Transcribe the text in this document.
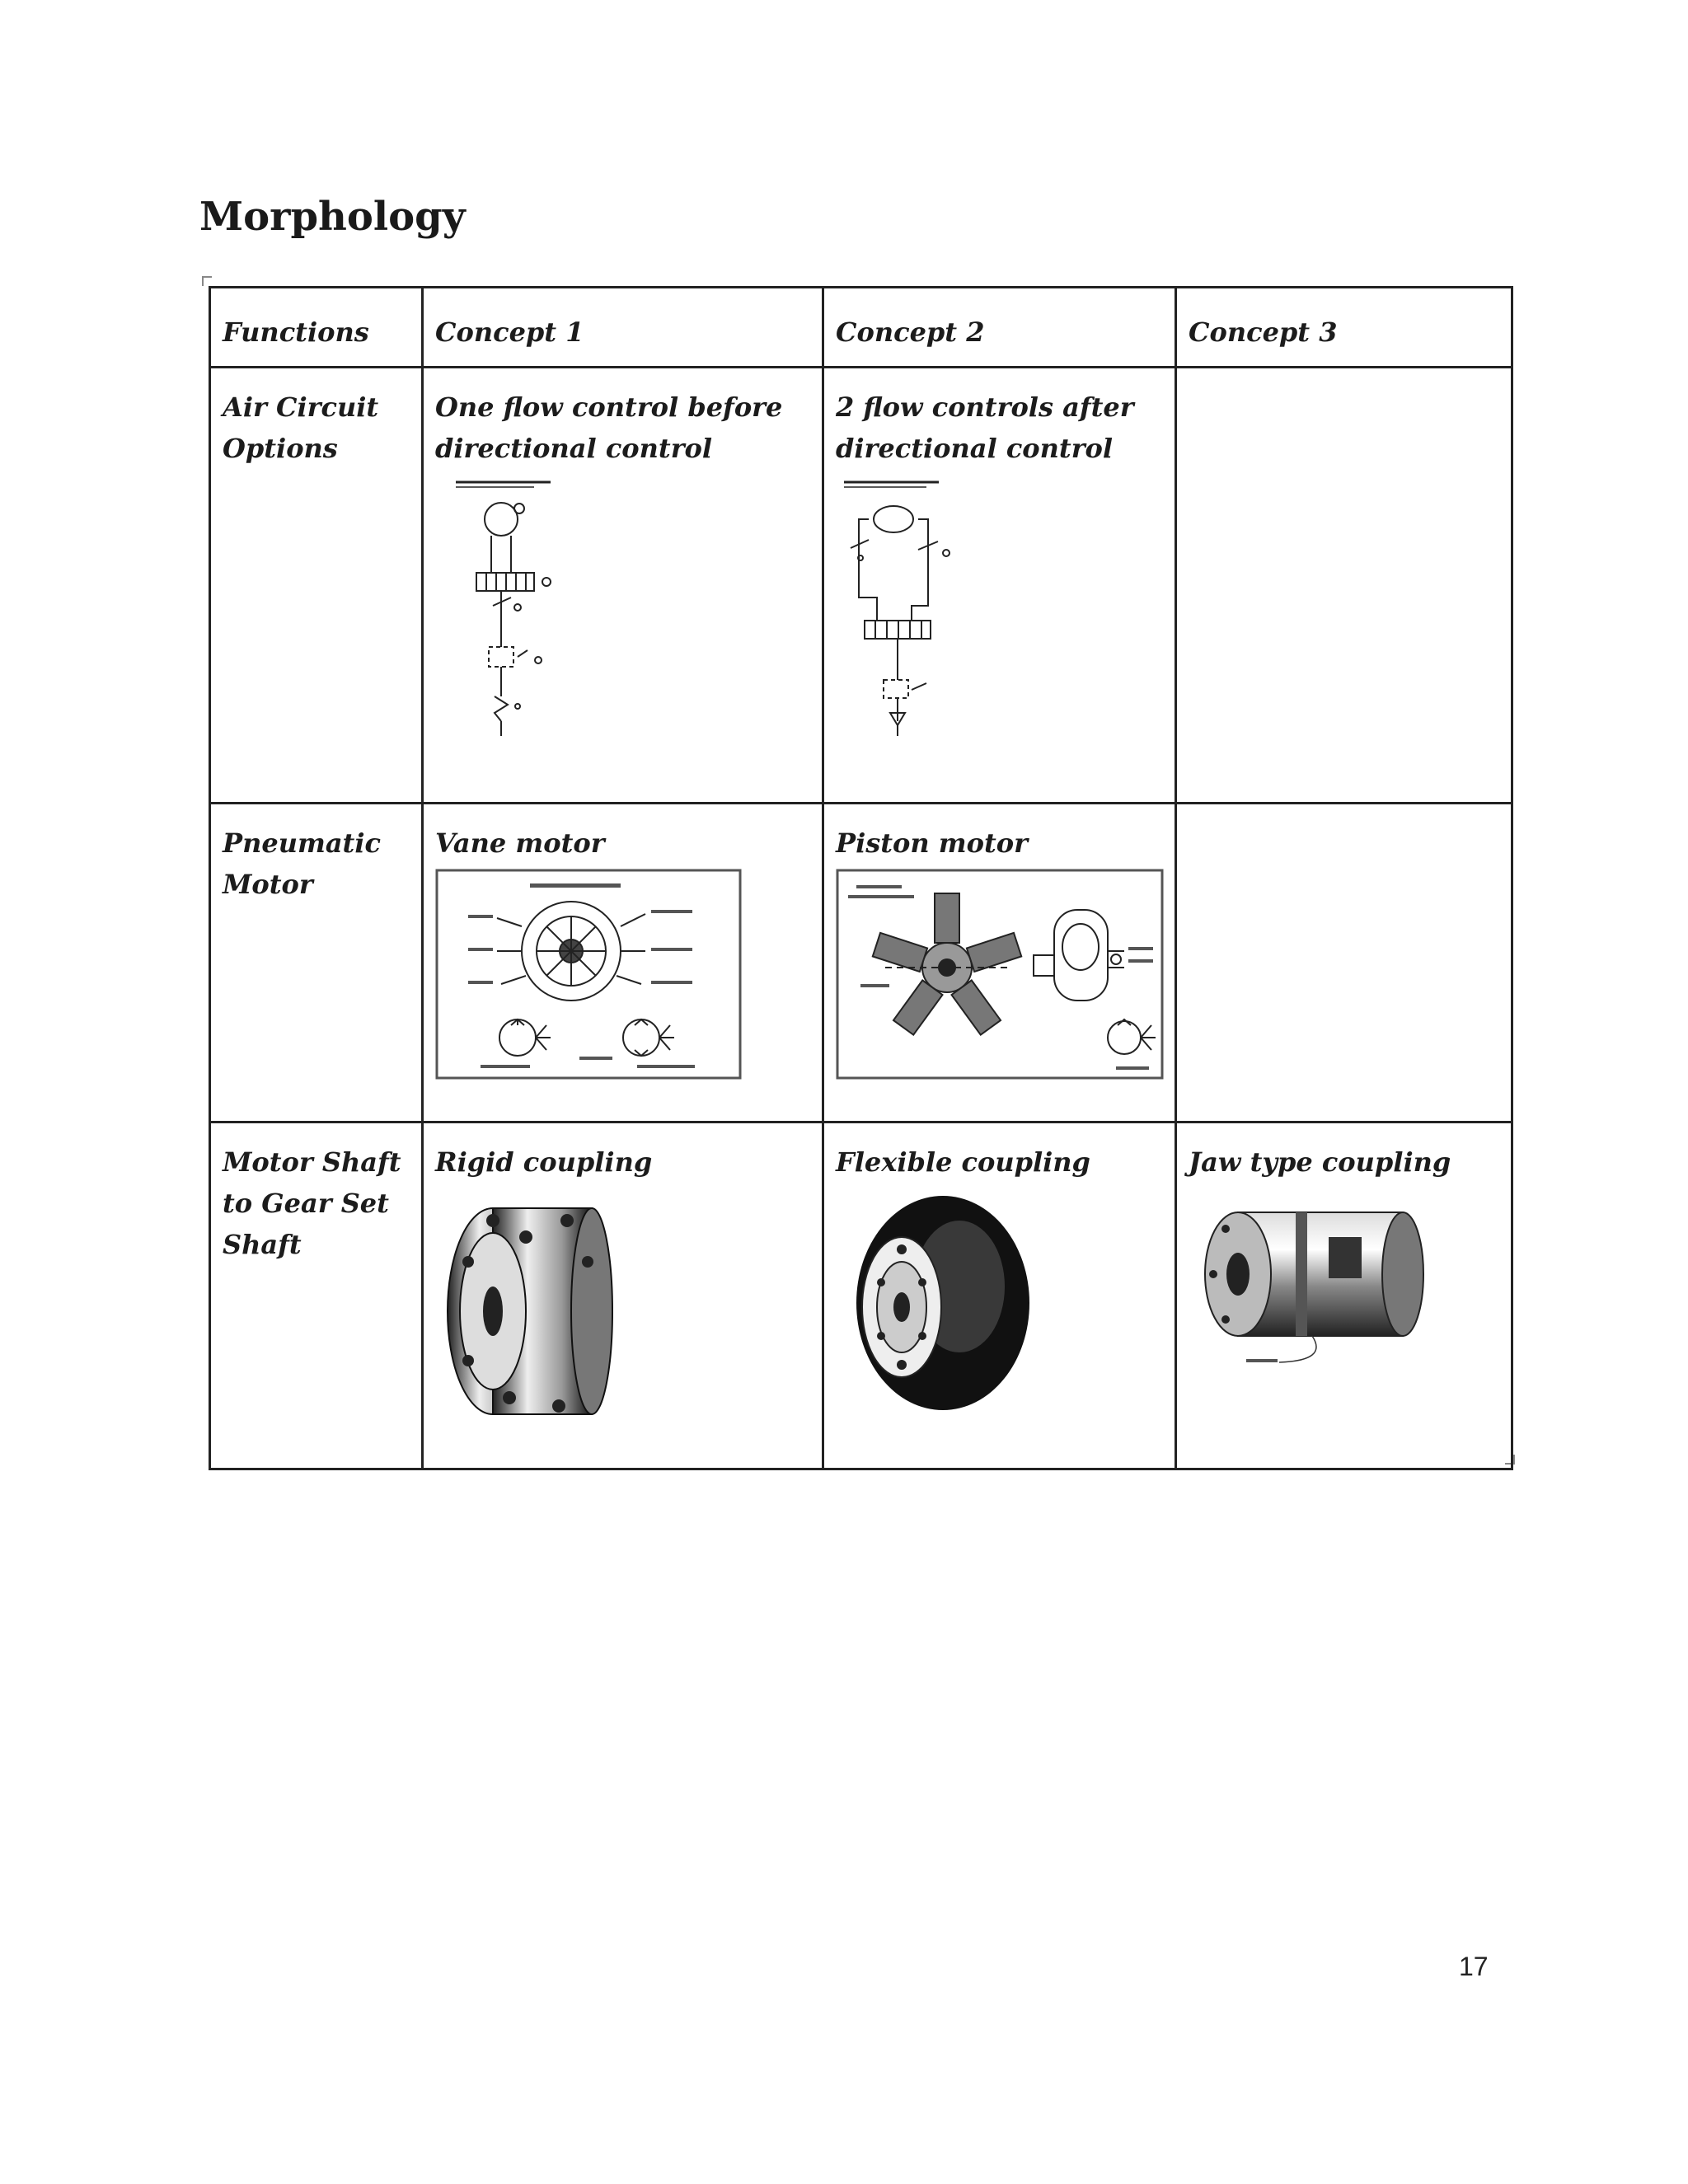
Morphology
Functions	Concept 1	Concept 2	Concept 3

Air Circuit Options	One flow control before directional control	2 flow controls after directional control	

Pneumatic Motor	Vane motor	Piston motor	

Motor Shaft to Gear Set Shaft	Rigid coupling	Flexible coupling	Jaw type coupling
17
